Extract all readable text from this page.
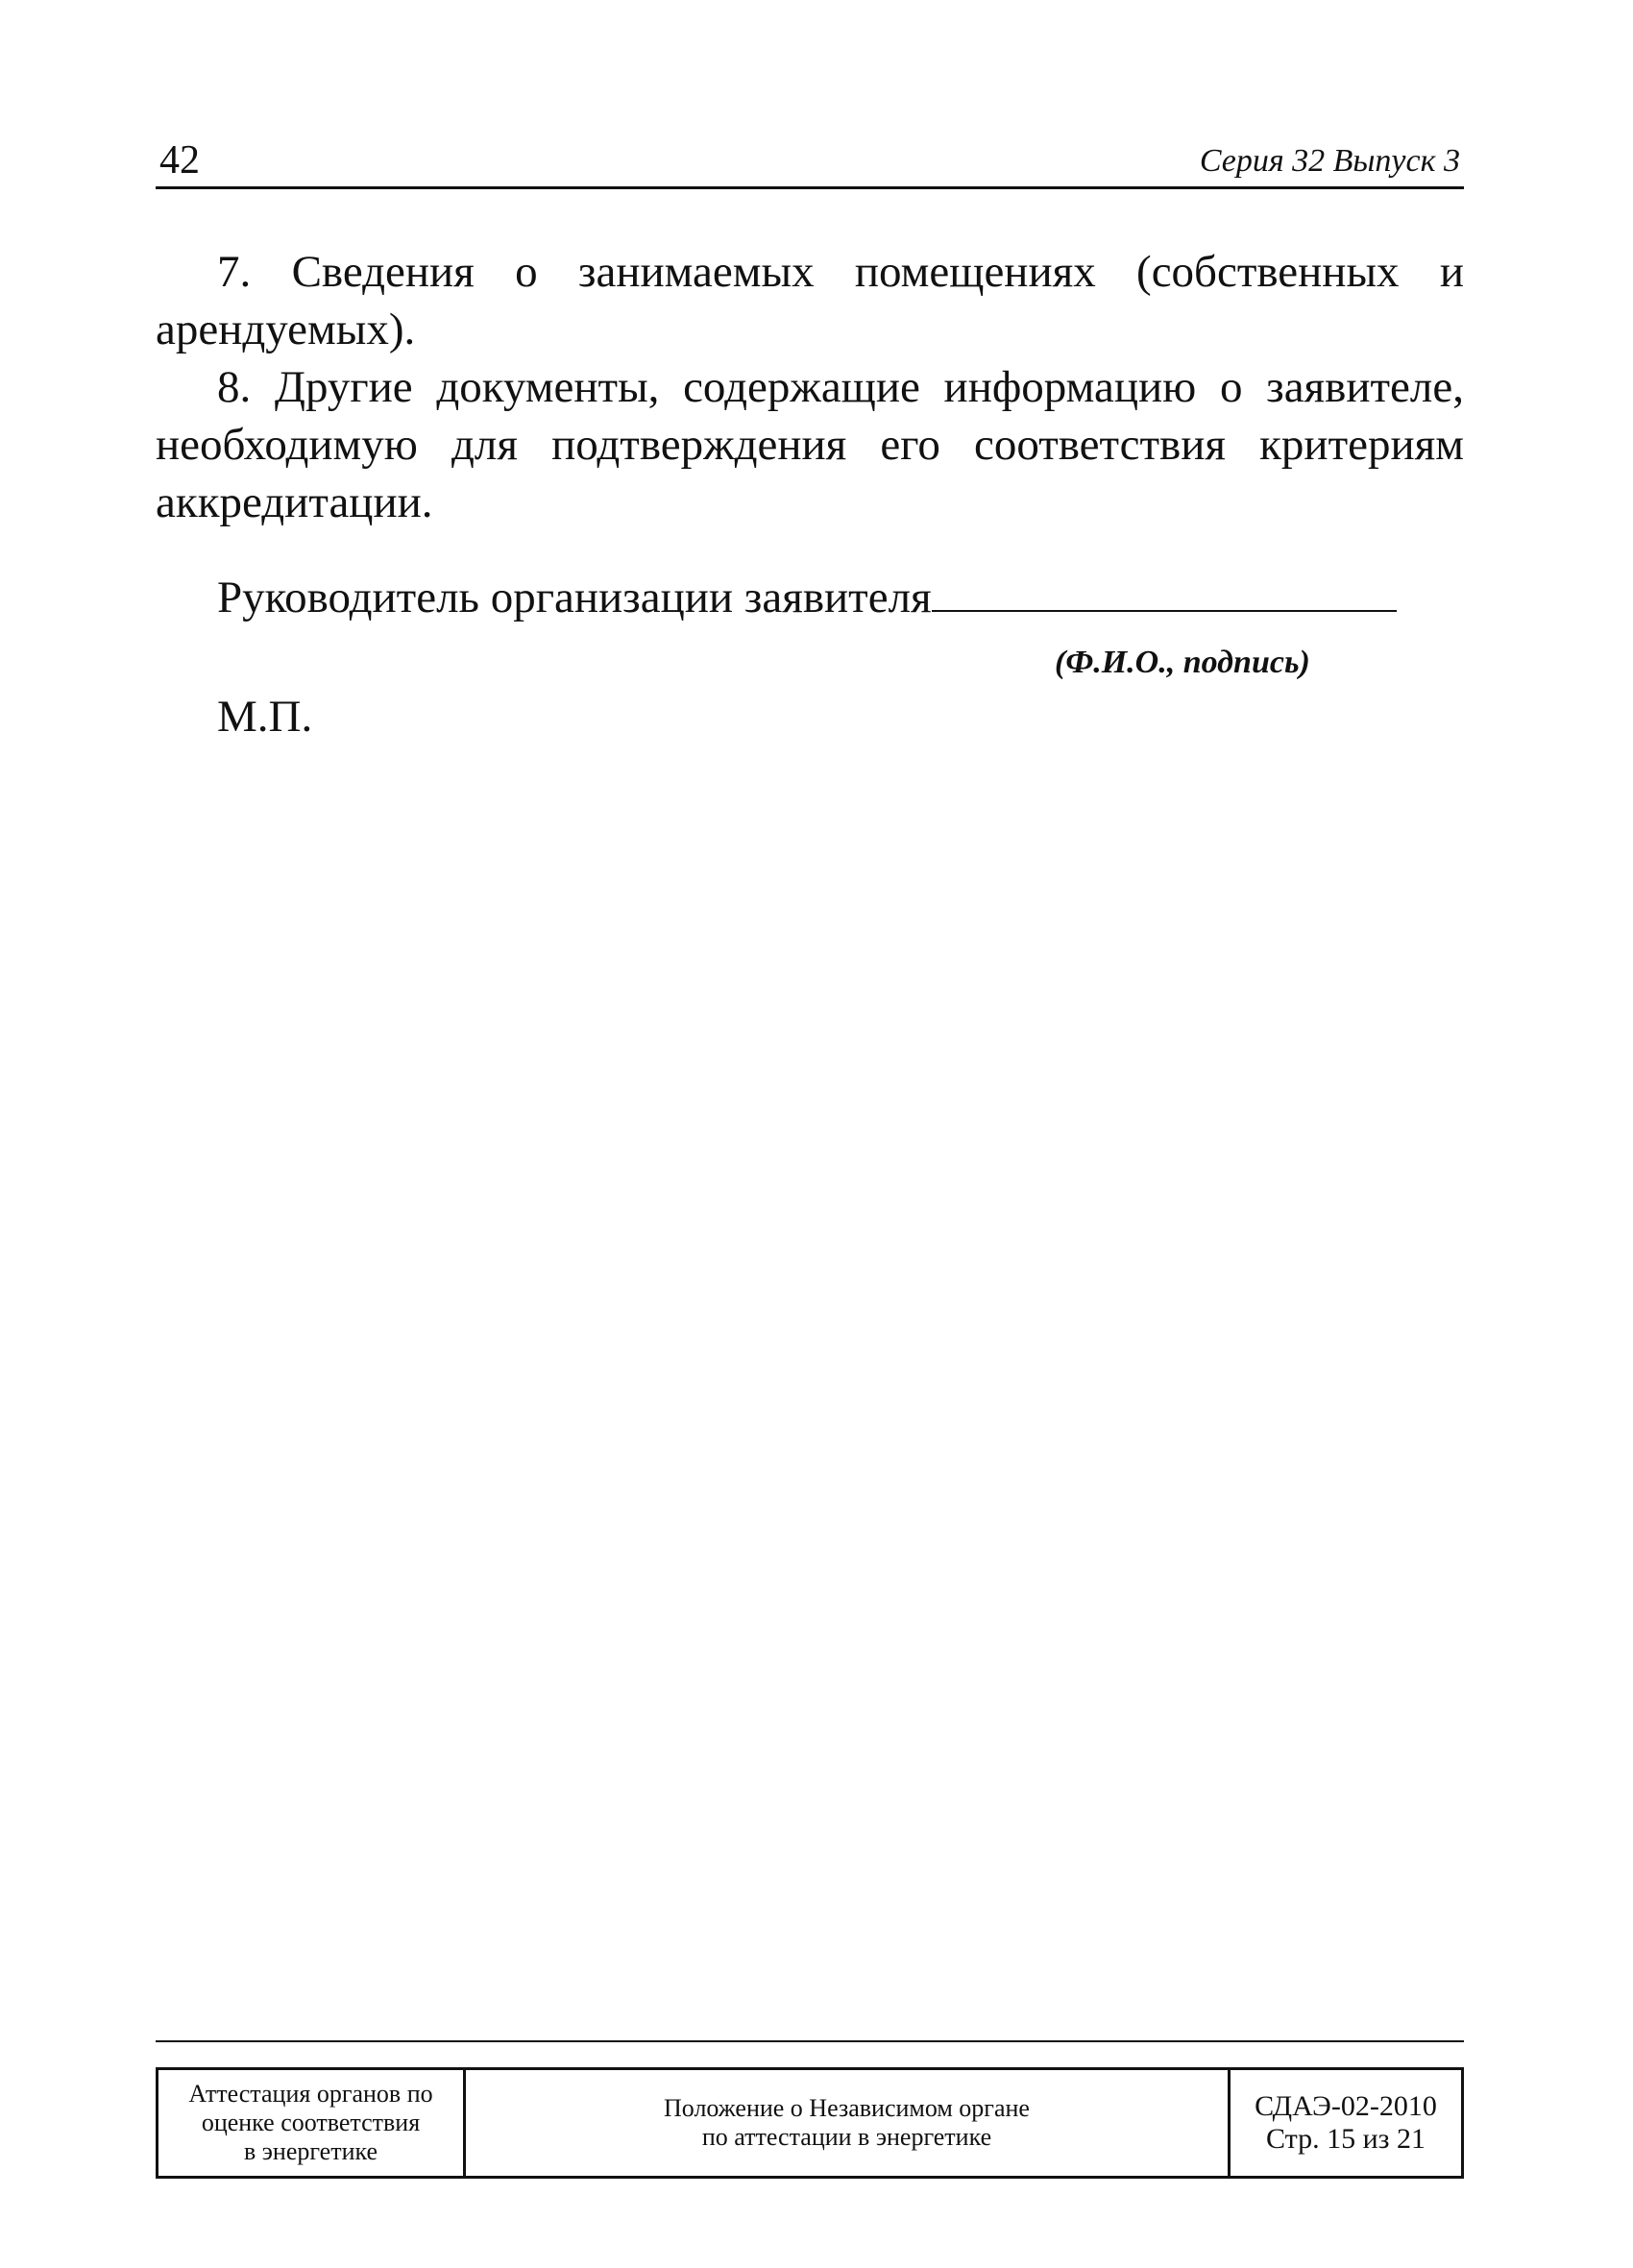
42	Серия 32 Выпуск 3

7. Сведения о занимаемых помещениях (собственных и арендуемых).

8. Другие документы, содержащие информацию о заявителе, необходимую для подтверждения его соответствия критериям аккредитации.

Руководитель организации заявителя
(Ф.И.О., подпись)
М.П.
Аттестация органов по
оценке соответствия
в энергетике
Положение о Независимом органе
по аттестации в энергетике
СДАЭ-02-2010
Стр. 15 из 21
